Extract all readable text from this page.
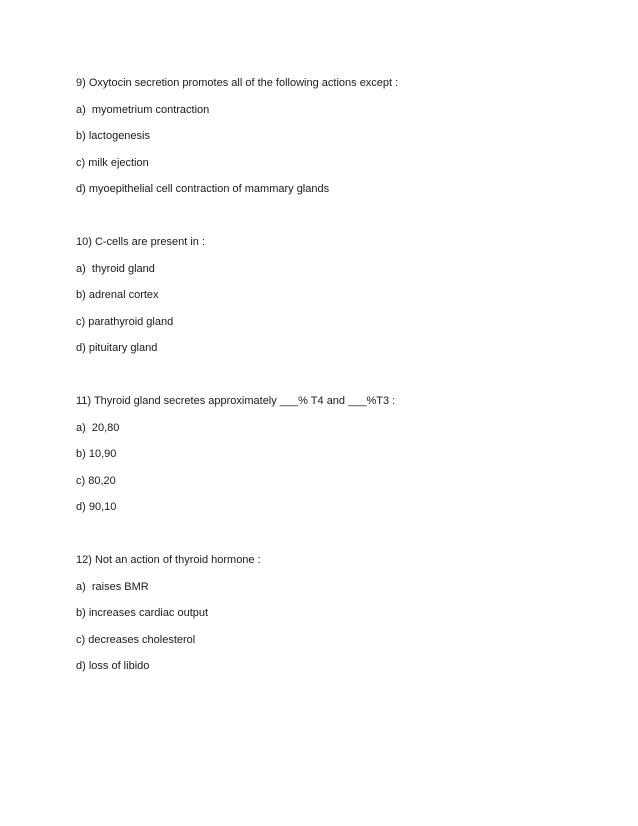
9) Oxytocin secretion promotes all of the following actions except :
a)  myometrium contraction
b) lactogenesis
c) milk ejection
d) myoepithelial cell contraction of mammary glands
10) C-cells are present in :
a)  thyroid gland
b) adrenal cortex
c) parathyroid gland
d) pituitary gland
11) Thyroid gland secretes approximately ___% T4 and ___%T3 :
a)  20,80
b) 10,90
c) 80,20
d) 90,10
12) Not an action of thyroid hormone :
a)  raises BMR
b) increases cardiac output
c) decreases cholesterol
d) loss of libido
